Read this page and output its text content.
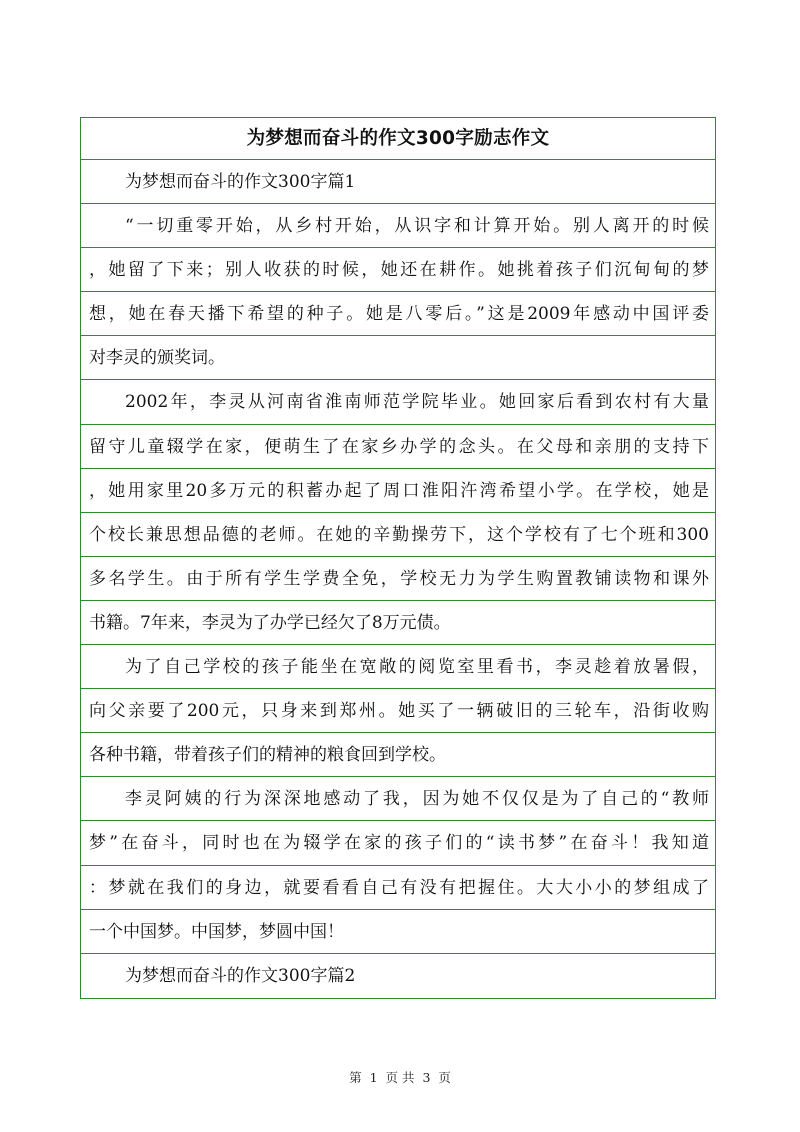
为梦想而奋斗的作文300字励志作文
为梦想而奋斗的作文300字篇1
“一切重零开始，从乡村开始，从识字和计算开始。别人离开的时候
，她留了下来；别人收获的时候，她还在耕作。她挑着孩子们沉甸甸的梦
想，她在春天播下希望的种子。她是八零后。”这是2009年感动中国评委
对李灵的颁奖词。
2002年，李灵从河南省淮南师范学院毕业。她回家后看到农村有大量
留守儿童辍学在家，便萌生了在家乡办学的念头。在父母和亲朋的支持下
，她用家里20多万元的积蓄办起了周口淮阳汻湾希望小学。在学校，她是
个校长兼思想品德的老师。在她的辛勤操劳下，这个学校有了七个班和300
多名学生。由于所有学生学费全免，学校无力为学生购置教铺读物和课外
书籍。7年来，李灵为了办学已经欠了8万元债。
为了自己学校的孩子能坐在宽敞的阅览室里看书，李灵趁着放暑假，
向父亲要了200元，只身来到郑州。她买了一辆破旧的三轮车，沿街收购
各种书籍，带着孩子们的精神的粮食回到学校。
李灵阿姨的行为深深地感动了我，因为她不仅仅是为了自己的“教师
梦”在奋斗，同时也在为辍学在家的孩子们的“读书梦”在奋斗！我知道
：梦就在我们的身边，就要看看自己有没有把握住。大大小小的梦组成了
一个中国梦。中国梦，梦圆中国！
为梦想而奋斗的作文300字篇2
第 1 页 共 3 页
